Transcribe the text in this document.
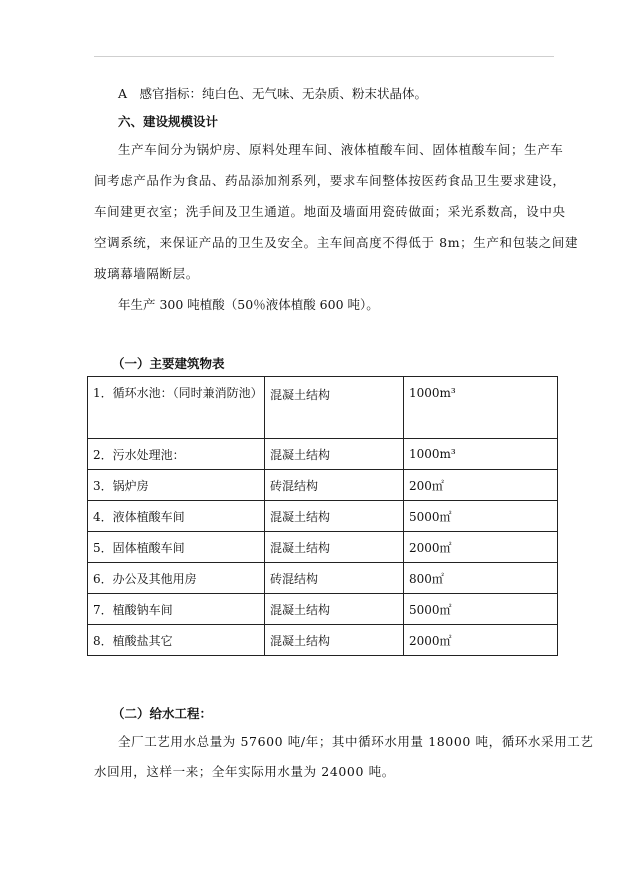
A　感官指标：纯白色、无气味、无杂质、粉末状晶体。
六、建设规模设计
生产车间分为锅炉房、原料处理车间、液体植酸车间、固体植酸车间；生产车
间考虑产品作为食品、药品添加剂系列，要求车间整体按医药食品卫生要求建设，
车间建更衣室；洗手间及卫生通道。地面及墙面用瓷砖做面；采光系数高，设中央
空调系统，来保证产品的卫生及安全。主车间高度不得低于 8m；生产和包装之间建
玻璃幕墙隔断层。
年生产 300 吨植酸（50％液体植酸 600 吨）。
（一）主要建筑物表
1．循环水池：（同时兼消防池）	混凝土结构	1000m³
2．污水处理池：	混凝土结构	1000m³
3．锅炉房	砖混结构	200㎡
4．液体植酸车间	混凝土结构	5000㎡
5．固体植酸车间	混凝土结构	2000㎡
6．办公及其他用房	砖混结构	800㎡
7．植酸钠车间	混凝土结构	5000㎡
8．植酸盐其它	混凝土结构	2000㎡
（二）给水工程：
全厂工艺用水总量为 57600 吨/年；其中循环水用量 18000 吨，循环水采用工艺
水回用，这样一来；全年实际用水量为 24000 吨。
